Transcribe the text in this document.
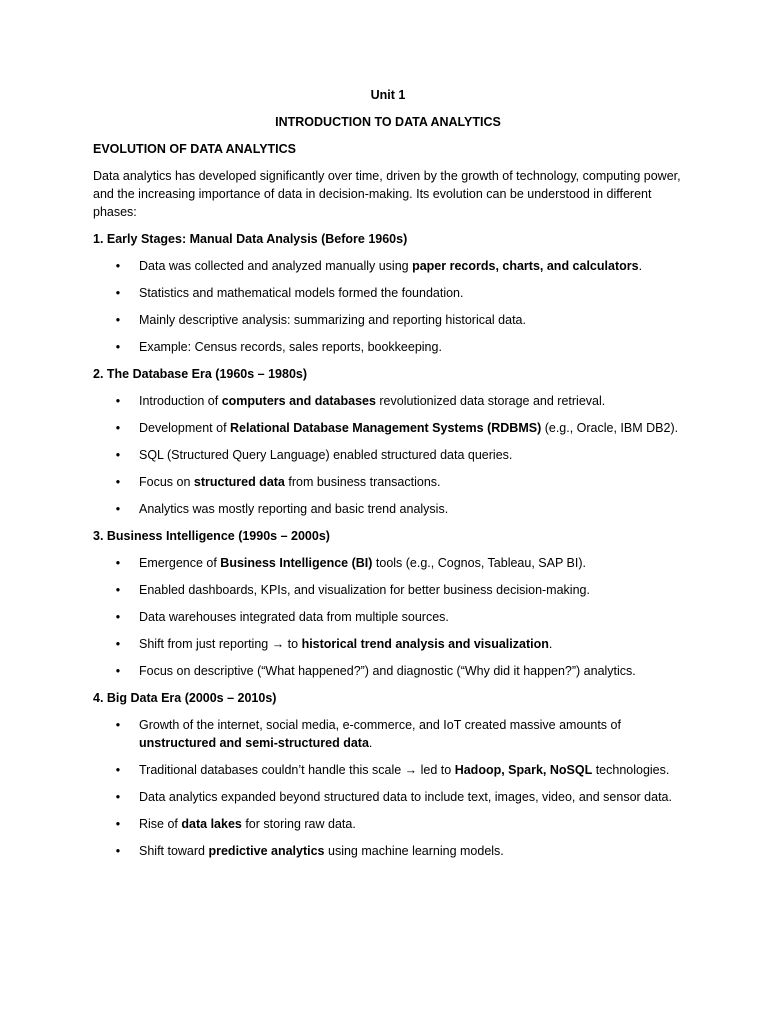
Unit 1

INTRODUCTION TO DATA ANALYTICS

EVOLUTION OF DATA ANALYTICS

Data analytics has developed significantly over time, driven by the growth of technology, computing power, and the increasing importance of data in decision-making. Its evolution can be understood in different phases:

1. Early Stages: Manual Data Analysis (Before 1960s)

• Data was collected and analyzed manually using paper records, charts, and calculators.
• Statistics and mathematical models formed the foundation.
• Mainly descriptive analysis: summarizing and reporting historical data.
• Example: Census records, sales reports, bookkeeping.

2. The Database Era (1960s – 1980s)

• Introduction of computers and databases revolutionized data storage and retrieval.
• Development of Relational Database Management Systems (RDBMS) (e.g., Oracle, IBM DB2).
• SQL (Structured Query Language) enabled structured data queries.
• Focus on structured data from business transactions.
• Analytics was mostly reporting and basic trend analysis.

3. Business Intelligence (1990s – 2000s)

• Emergence of Business Intelligence (BI) tools (e.g., Cognos, Tableau, SAP BI).
• Enabled dashboards, KPIs, and visualization for better business decision-making.
• Data warehouses integrated data from multiple sources.
• Shift from just reporting → to historical trend analysis and visualization.
• Focus on descriptive (“What happened?”) and diagnostic (“Why did it happen?”) analytics.

4. Big Data Era (2000s – 2010s)

• Growth of the internet, social media, e-commerce, and IoT created massive amounts of unstructured and semi-structured data.
• Traditional databases couldn’t handle this scale → led to Hadoop, Spark, NoSQL technologies.
• Data analytics expanded beyond structured data to include text, images, video, and sensor data.
• Rise of data lakes for storing raw data.
• Shift toward predictive analytics using machine learning models.
